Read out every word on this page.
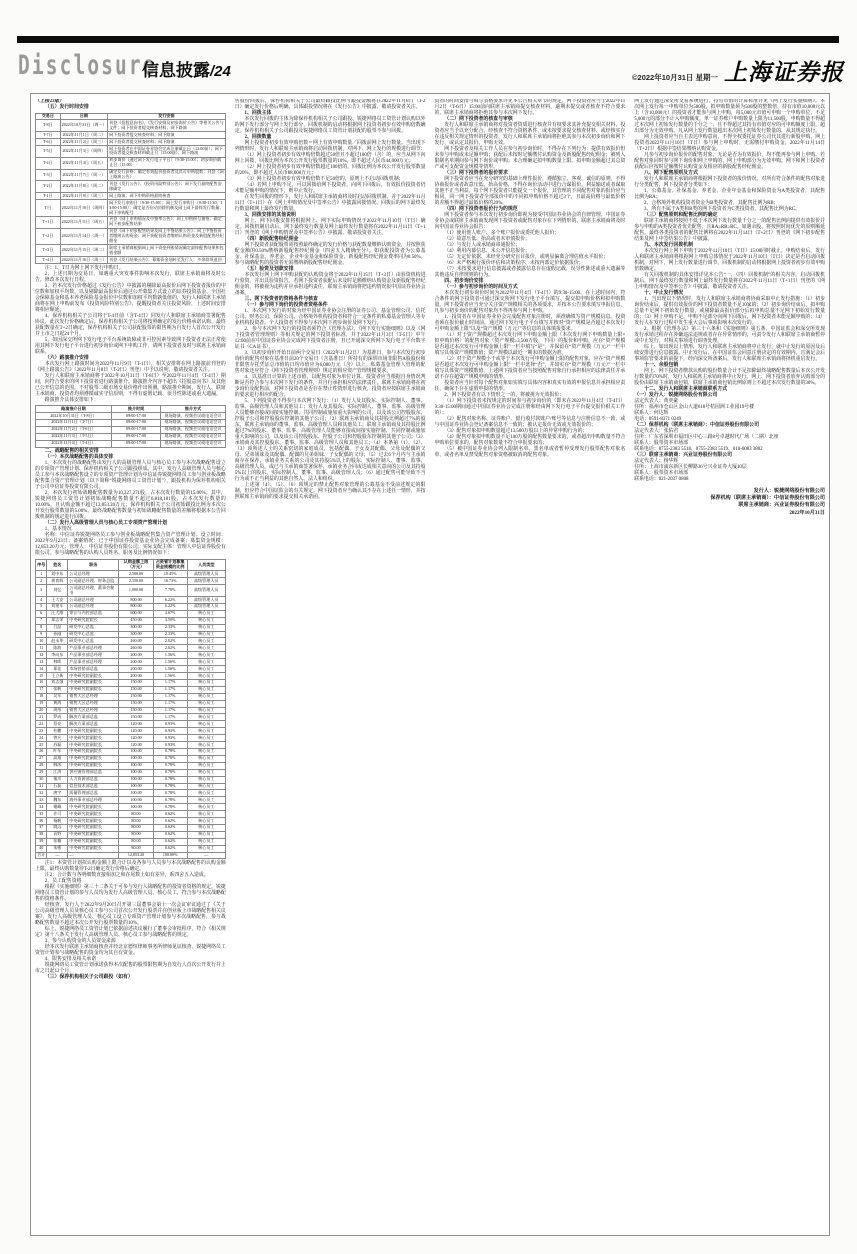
Disclosure
信息披露/24	©2022年10月31日 星期一 上海证券报

（上接23版）

（五）发行时间安排

交易日	日期	发行安排
T-8日	2022年10月31日（周一）	刊登《招股意向书》、《发行安排及初步询价公告》等相关公告与文件；网下投资者提交核查材料；网下路演
T-7日	2022年11月1日（周二）	网下投资者提交核查材料；网下路演
T-6日	2022年11月2日（周三）	网下投资者提交核查材料；网下路演
T-5日	2022年11月3日（周四）	网下投资者在中国证券业协会完成注册截止日（12:00前）；网下投资者提交核查材料截止日（15:00前）；网下路演
T-4日	2022年11月4日（周五）	初步询价（通过网下发行电子平台）（9:30-15:00）；初步询价截止日（15:00）
T-3日	2022年11月7日（周一）	确定发行价格；确定有效报价投资者及其可申购股数；刊登《网上路演公告》
T-2日	2022年11月8日（周二）	刊登《发行公告》、《投资风险特别公告》；网下发行最终配售安排确定
T-1日	2022年11月9日（周三）	网上路演；网下申购资格最终核查
T日	2022年11月10日（周四）	网下发行申购日（9:30-15:00）；网上发行申购日（9:30-11:30，13:00-15:00）；确定是否启动回拨机制及网上网下最终发行数量；网下申购配号
T+1日	2022年11月11日（周五）	刊登《网上申购情况及中签率公告》；网上申购摇号抽签；确定网下初步配售结果
T+2日	2022年11月14日（周一）	刊登《网下初步配售结果及网上中签结果公告》；网上中签投资者缴纳认购资金；网下获配投资者缴纳认购资金及新股配售经纪佣金
T+3日	2022年11月15日（周二）	联席主承销商根据网上网下资金到账情况确定最终配售结果和包销金额
T+4日	2022年11月16日（周三）	刊登《发行结果公告》；募集资金划转至发行人；多余款项退回

注：1、T日为网上网下发行申购日。

2、上述日期为交易日，如遇重大突发事件影响本次发行，联席主承销商将及时公告，修改本次发行日程。

3、若本次发行价格超过《发行公告》中披露的剔除最高报价后网下投资者报价的中位数和加权平均数，以及剔除最高报价后通过公开募集方式设立的证券投资基金、全国社会保障基金和基本养老保险基金报价中位数和加权平均数孰低值的，发行人和联席主承销商将在网上申购前发布《投资风险特别公告》，提醒投资者关注投资风险，上述时间安排将相应顺延。

4、保荐机构相关子公司将于T-4日前（含T-4日）同发行人和联席主承销商签署配售协议，此次发行价格确定后，保荐机构相关子公司将按照确定的发行价格承诺认购，最终获配数量在T+2日确定，保荐机构相关子公司获配股票的限售期为自发行人首次公开发行并上市之日起24个月。

5、如因深交所网下发行电子平台系统故障或非可控因素导致网下投资者无法正常使用其网下发行电子平台进行初步询价或网下申购工作，请网下投资者及时与联席主承销商联系。

（六）路演推介安排

本次发行网上路演时间为2022年11月9日（T-1日），相关安排将在网上路演前刊登的《网上路演公告》（2022年11月8日（T-2日）刊登）中予以说明，敬请投资者关注。

发行人和联席主承销商将于2022年10月31日（T-8日）至2022年11月4日（T-4日）期间，向符合要求的网下投资者进行路演推介。路演推介内容不超出《招股意向书》及其他已公开信息的范围，不对股票二级市场交易价格作出预测。路演推介期间，发行人、联席主承销商、投资者均须遵循诚实守信原则，不得有虚假记载、误导性陈述或重大遗漏。

路演推介具体安排如下：

路演推介日期	推介时间	推介方式
2022年10月31日（T-8日）	09:00-17:00	现场路演、视频会议或电话会议
2022年11月1日（T-7日）	09:00-17:00	现场路演、视频会议或电话会议
2022年11月2日（T-6日）	09:00-17:00	现场路演、视频会议或电话会议
2022年11月3日（T-5日）	09:00-17:00	现场路演、视频会议或电话会议
2022年11月4日（T-4日）	09:00-17:00	现场路演、视频会议或电话会议

二、战略配售的相关安排

（一）本次战略配售的具体安排

1、本次发行的战略配售由发行人的高级管理人员与核心员工参与本次战略配售设立的专项资产管理计划、保荐机构相关子公司跟投组成。其中，发行人高级管理人员与核心员工参与本次战略配售设立的专项资产管理计划为中信证券锐捷网络员工参与创业板战略配售集合资产管理计划（以下简称“锐捷网络员工资管计划”），跟投机构为保荐机构相关子公司中信证券投资有限公司。

2、本次发行初始战略配售数量为10,227,271股，占本次发行数量的15.00%。其中，锐捷网络员工资管计划初始战略配售数量不超过6,818,181股，占本次发行数量的10.00%，且认购金额不超过12,853.20万元；保荐机构相关子公司初始跟投比例为本次公开发行股票数量的5.00%。最终战略配售数量与初始战略配售数量的差额将根据本公告回拨机制的规定进行回拨。

（二）发行人高级管理人员与核心员工专项资产管理计划

1、基本情况

名称：中信证券锐捷网络员工参与创业板战略配售集合资产管理计划；设立时间：2022年9月23日；备案情况：已于中国证券投资基金业协会完成备案；募集资金规模：12,853.20万元；管理人：中信证券股份有限公司；实际支配主体：管理人中信证券股份有限公司。参与战略配售的认购人员姓名、职务及比例情况如下：

序号	姓名	职务	认购金额上限（万元）	占资管计划募集资金规模的比例	人员类型
1	刘中东	公司总经理	2,500.00	19.45%	高级管理人员
2	黄育辉	公司副总经理、财务总监	2,150.00	16.73%	高级管理人员
3	刘弘	公司副总经理、董事会秘书	1,000.00	7.78%	高级管理人员
4	王大安	公司副总经理	800.00	6.22%	高级管理人员
5	刘建军	公司副总经理	800.00	6.22%	高级管理人员
6	汪大维	审计与内控部总监	600.00	4.67%	核心员工
7	郑志荣	中央研究院院长	450.00	3.50%	核心员工
8	吕品	研发中心总监	300.00	2.33%	核心员工
9	孙刚	研发中心总监	300.00	2.33%	核心员工
10	赵永华	研发中心总监	260.00	2.02%	核心员工
11	陈波	产品事业部总经理	260.00	2.02%	核心员工
12	李向东	产品事业部总经理	200.00	1.56%	核心员工
13	林晖	产品事业部总经理	200.00	1.56%	核心员工
14	郑佳	市场营销部总监	200.00	1.56%	核心员工
15	王立新	中央研究院副院长	200.00	1.56%	核心员工
16	刘志强	中央研究院副院长	150.00	1.17%	核心员工
17	张帆	中央研究院副院长	150.00	1.17%	核心员工
18	吴军	销售大区总经理	150.00	1.17%	核心员工
19	黄海	销售大区总经理	150.00	1.17%	核心员工
20	周彤	销售大区总经理	150.00	1.17%	核心员工
21	罗成	解决方案部总监	150.00	1.17%	核心员工
22	蔡亮	解决方案部总监	120.00	0.93%	核心员工
23	杜鹏	中央研究院副院长	120.00	0.93%	核心员工
24	曾凡	中央研究院副院长	120.00	0.93%	核心员工
25	苏磊	中央研究院副院长	120.00	0.93%	核心员工
26	叶军	中央研究院副院长	100.00	0.78%	核心员工
27	高翔	中央研究院副院长	100.00	0.78%	核心员工
28	韩冰	中央研究院副院长	100.00	0.78%	核心员工
29	江涛	供应链管理部总监	100.00	0.78%	核心员工
30	秦川	人力资源部总监	100.00	0.78%	核心员工
31	石磊	信息技术部总监	100.00	0.78%	核心员工
32	唐宇	质量管理部总监	100.00	0.78%	核心员工
33	魏东	海外事业部总经理	100.00	0.78%	核心员工
34	谢峰	中央研究院副院长	100.00	0.78%	核心员工
35	许可	中央研究院副院长	80.00	0.62%	核心员工
36	杨帆	中央研究院副院长	80.00	0.62%	核心员工
37	姚远	中央研究院副院长	80.00	0.62%	核心员工
38	袁野	中央研究院副院长	80.00	0.62%	核心员工
39	张楠	中央研究院副院长	80.00	0.62%	核心员工
40	朱彬	中央研究院副院长	80.00	0.62%	核心员工
合计	—	—	12,853.20	100.00%	—

注1：本资管计划拟认购金额上限合计以及各参与人员参与本次战略配售的认购金额上限，最终认购数量待T-2日确定发行价格后确定。

注2：合计数与各明细数直接相加之和在尾数上如有差异，系四舍五入造成。

2、员工配售资格

根据《实施细则》第三十二条关于可参与发行人战略配售的投资者资格的规定，锐捷网络员工资管计划的参与人员均为发行人高级管理人员、核心员工，符合参与本次战略配售的资格条件。

经核查，发行人于2022年9月20日召开第三届董事会第十一次会议审议通过了《关于公司高级管理人员及核心员工参与公司首次公开发行股票并在创业板上市战略配售相关议案》，发行人高级管理人员、核心员工设立专项资产管理计划参与本次战略配售，参与战略配售数量不超过本次公开发行股票数量的10%。

综上，锐捷网络员工资管计划已依据前述决议履行了董事会审批程序，符合《相关规定》第十八条关于发行人高级管理人员、核心员工参与战略配售的规定。

3、参与认购资金的人员资金来源

经本次发行联席主承销商核查并经北京德恒律师事务所律师见证核查，锐捷网络员工资管计划参与战略配售的资金均为其自有资金。

4、限售安排及相关承诺

锐捷网络员工资管计划承诺获得本次配售的股票限售期为自发行人首次公开发行并上市之日起12个月。

（三）保荐机构相关子公司跟投（如有）

售股份回拨后，保荐机构相关子公司最终跟投比例与跟投金额将在2022年11月8日（T-2日）确定发行价格后明确，具体跟投情况将在《发行公告》中披露，敬请投资者关注。

1、回拨主体

本次发行回拨的主体为除保荐机构相关子公司跟投、锐捷网络员工资管计划认购以外的网下发行部分与网上发行部分，回拨机制的启动将根据网上投资者初步有效申购倍数确定。保荐机构相关子公司跟投及锐捷网络员工资管计划获配的股票不参与回拨。

2、回拨数量

网上投资者初步有效申购倍数＝网上有效申购数量／回拨前网上发行数量。当出现下列情形时，发行人和联席主承销商将启动回拨机制，对网下、网上发行的规模进行调节：

（1）网上投资者初步有效申购倍数超过50倍且不超过100倍（含）的，应当从网下向网上回拨，回拨比例为本次公开发行股票数量的10%，即不超过人民币44,000万元；

（2）网上投资者初步有效申购倍数超过100倍的，回拨比例为本次公开发行股票数量的20%，即不超过人民币88,000万元；

（3）网上投资者初步有效申购倍数不足50倍的，原则上不启动回拨机制；

（4）若网上申购不足，可以回拨给网下投资者，向网下回拨后，有效报价投资者仍未能足额申购的情况下，则中止发行。

在发生回拨的情形下，发行人和联席主承销商将及时启动回拨机制，并于2022年11月11日（T+1日）在《网上申购情况及中签率公告》中披露回拨情况、回拨后的网下最终发行数量和网上最终发行数量。

3、回拨安排的其他说明

网上、网下回拨安排将根据网上、网下实际申购情况于2022年11月10日（T日）确定。回拨机制启动后，网下最终发行数量及网上最终发行数量将在2022年11月11日（T+1日）刊登的《网上申购情况及中签率公告》中披露，敬请投资者关注。

（四）新股配售经纪佣金

网下投资者获配股票需按照最终确定的发行价格与获配数量缴纳认购资金，并按照获配金额的0.50%缴纳新股配售经纪佣金（四舍五入精确至分）。如获配投资者为公募基金、社保基金、养老金、企业年金基金和保险资金，新股配售经纪佣金费率同为0.50%。参与战略配售的投资者无需缴纳新股配售经纪佣金。

（五）验资及划款安排

本次发行网上网下申购获配的认购资金将于2022年11月15日（T+3日）由验资机构进行验资，并出具验资报告。若网下投资者获配后未及时足额缴纳认购资金及新股配售经纪佣金的，将被视为违约并应承担违约责任，联席主承销商将把违约情况报中国证券业协会备案。

三、网下投资者的资格条件与核查

（一）参与网下询价的投资者资格条件

1、本次网下发行的对象为经中国证券业协会注册的证券公司、基金管理公司、信托公司、财务公司、保险公司、合格境外机构投资者和符合一定条件的私募基金管理人等专业机构投资者，个人投资者不得参与本次网下初步询价及网下发行。

2、参与本次网下发行的投资者须符合《管理办法》、《网下发行实施细则》以及《网下投资者管理规则》等相关规定的网下投资者标准，并于2022年11月3日（T-5日）中午12:00前在中国证券业协会完成网下投资者注册，且已开通深交所网下发行电子平台数字证书（CA证书）。

3、以初步询价开始日前两个交易日（2022年11月2日）为基准日，参与本次发行初步询价的配售对象在基准日前20个交易日（含基准日）所持有的深圳市场非限售A股股份和非限售存托凭证总市值的日均市值应为6,000万元（含）以上。私募基金管理人管理的配售对象还应符合《网下投资者管理规则》规定的相应资产管理规模要求。

4、以基准日计算的上述市值，以配售对象为单位计算。投资者应当根据自身情况判断是否符合参与本次网下发行的条件，并自行承担相应的法律责任。联席主承销商将在初步询价及配售前，对网下投资者是否存在禁止性情形进行核查，投资者应按联席主承销商的要求进行相应的配合。

5、下列投资者不得参与本次网下发行：（1）发行人及其股东、实际控制人、董事、监事、高级管理人员和其他员工；发行人及其股东、实际控制人、董事、监事、高级管理人员能够直接或间接实施控制、共同控制或施加重大影响的公司，以及该公司控股股东、控股子公司和控股股东控制的其他子公司；（2）联席主承销商及其持股比例超过7%的股东，联席主承销商的董事、监事、高级管理人员和其他员工；联席主承销商及其持股比例超过7%的股东、董事、监事、高级管理人员能够直接或间接实施控制、共同控制或施加重大影响的公司，以及该公司控股股东、控股子公司和控股股东控制的其他子公司；（3）承销商及其控股股东、董事、监事、高级管理人员和其他员工；（4）本条第（1）、（2）、（3）项所述人士的关系密切的家庭成员，包括配偶、子女及其配偶、父母及配偶的父母、兄弟姐妹及其配偶、配偶的兄弟姐妹、子女配偶的父母；（5）过去6个月内与主承销商存在保荐、承销业务关系的公司及其持股5%以上的股东、实际控制人、董事、监事、高级管理人员，或已与主承销商签署保荐、承销业务合同或达成相关意向的公司及其持股5%以上的股东、实际控制人、董事、监事、高级管理人员；（6）通过配售可能导致不当行为或不正当利益的其他自然人、法人和组织。

上述第（4）、（5）、（6）项规定的禁止配售对象管理的公募基金不受前述规定的限制，但应符合中国证监会的有关规定。网下投资者应当确认其不存在上述任一情形，并按照联席主承销商的要求提交相关承诺函。

资者的时间安排与填写表格要求详见本公告相关章节的规定。网下投资者应当于2022年11月2日（T-6日）15:00前向联席主承销商提交核查材料，逾期未提交或者核查不符合要求的，联席主承销商将拒绝其参与本次网下发行。

（二）网下投资者的核查与审核

发行人和联席主承销商将对投资者资质进行核查并有权要求其补充提交相关材料，投资者应当予以充分配合。经核查不符合资格条件、或未按要求提交核查材料、或经核实存在违反相关规定情形的投资者，发行人和联席主承销商将拒绝其参与本次初步询价和网下发行，或认定其报价、申购无效。

网下投资者及相关工作人员在参与初步询价时，不得存在下列行为：提供有效报价但未参与申购或未足额申购；获配后未按时足额缴付认购资金及新股配售经纪佣金；被列入限制名单期间参与网下询价或申购；未合理确定拟申购数量上限、拟申购金额超过其总资产或可支配资金规模等情形。

（三）网下投资者的报价要求

网下投资者应当在充分研究的基础上理性报价，遵循独立、客观、诚信的原则，不得协商报价或者故意压低、抬高价格，不得在询价活动中进行合谋报价、利益输送或者谋取其他不正当利益。每个网下投资者只能提交一个报价，其管理的不同配售对象的报价应当相同。同一网下投资者全部报价中的不同拟申购价格不超过3个，且最高价格与最低价格的差额不得超过最低价格的20%。

（四）网下投资者报价行为的规范

网下投资者参与本次发行初步询价即视为接受中国证券业协会的自律管理。中国证券业协会或联席主承销商发现网下投资者或配售对象存在下列情形的，联席主承销商将及时向中国证券业协会报告：

（1）使用他人账户、多个账户报价或委托他人报价；

（2）故意压低、抬高或者未审慎报价；

（3）与发行人或承销商串通报价；

（4）利用内幕信息、未公开信息报价；

（5）无定价依据、未经充分研究盲目报价，或明显偏离合理估值水平报价；

（6）未严格履行报价评估和决策程序、未按内部定价依据报价；

（7）未按要求进行信息披露或者披露信息存在虚假记载、误导性陈述或重大遗漏等其他违反自律规则的行为。

四、初步询价安排

（一）参与初步询价的时间及方式

本次发行初步询价时间为2022年11月4日（T-4日）的9:30-15:00。在上述时间内，符合条件的网下投资者可通过深交所网下发行电子平台填写、提交拟申购价格和拟申购数量。网下投资者应当充分关注资产规模相关的各项要求，并按本公告要求填写申报信息，凡参与初步询价的配售对象均不得再参与网上申购。

1、投资者在中国证券业协会完成配售对象注册时，须准确填写资产规模信息。投资者须在报价截止时间前，通过网下发行电子平台填写并核对“资产规模是否超过本次发行可申购金额上限”以及“资产规模（万元）”等信息的具体填报要求。

（1）对于资产规模超过本次发行网下申购金额上限（本次发行网下申购数量上限×拟申购价格）的配售对象（资产规模≥3,500万股，下同）的报价和申购，应在“资产规模是否超过本次发行可申购金额上限”一栏中填写“是”，并保留在“资产规模（万元）”一栏中填写具体资产规模数值；资产规模以最近一期末的数据为准。

（2）对于资产规模小于或等于本次发行可申购金额上限的配售对象，应在“资产规模是否超过本次发行可申购金额上限”一栏中选择“否”，并如实在“资产规模（万元）”一栏中填写具体资产规模数值，上述网下投资者应当按照配售对象自行承担相应的法律责任并承诺不存在超资产规模申购的情形。

投资者应当针对每个配售对象如实填写具体内容和真实有效的申报信息并承担相应责任，确保不存在虚假申报的情形。

2、网下投资者有以下情形之一的，将被视为无效报价：

（1）网下投资者未按规定的时间参与初步询价的（即未在2022年11月4日（T-4日）9:30-15:00期间通过中国证券业协会完成注册和经由网下发行电子平台提交报价相关工作的）；

（2）配售对象名称、证券账户、银行收付款账户/账号等信息与注册信息不一致，或与中国证券业协会登记备案信息不一致的；被认定报价无效或无效报价的；

（3）配售对象拟申购数量超过13,500万股以上的异常申购行为的；

（4）配售对象拟申购数量不足100万股的配售数量要求的，或者超出申购数量不符合申购单位要求的，配售对象数量不符合申报要求的；

（5）被中国证券业协会列入限制名单、黑名单或者暂停受理发行股票配售对象名单，或者名单及禁受配售对象资格被取消的配售对象。

网上发行通过深交所交易系统进行，持有市值的计算标准详见《网上发行实施细则》。本次网上发行每一申购单位为500股，拟申购数量须为500股的整数倍，持有市值10,000元以上（含10,000元）的投资者才能参与网上申购，每5,000元市值可申购一个申购单位，不足5,000元的部分不计入申购额度。单一证券账户申购数量上限为11,500股，申购数量不得超过本次网上初始发行数量的千分之一，且不得超过其持有市值对应的可申购额度上限，超出部分为无效申购。凡从网上发行数量超出本次网上初始发行数量的，从其规定执行。

网上投资者应当自主表达申购意向，不得全权委托证券公司代其进行新股申购。网上投资者2022年11月10日（T日）参与网上申购时，无需缴付申购资金，2022年11月14日（T+2日）根据中签结果缴纳认购资金。

凡参与初步询价报价的配售对象，无论是否为有效报价，均不能再参与网上申购。若配售对象同时参与网下询价和网上申购的，网上申购部分为无效申购。网下和网上投资者获配后应按时足额缴付认购资金及相应的新股配售经纪佣金。

八、网下配售原则及方式

发行人和联席主承销商将根据网下投资者的报价情况，对所有符合条件的配售对象进行分类配售，网下投资者分类如下：

1、公募基金、社保基金、养老金、企业年金基金和保险资金为A类投资者，其配售比例为RA；

2、合格境外机构投资者资金为B类投资者，其配售比例为RB；

3、所有不属于A类和B类的网下投资者为C类投资者，其配售比例为RC。

（三）配售原则和配售比例的确定

联席主承销商将按照不低于本次网下发行数量千分之一的配售比例向提供有效报价并参与申购的A类投资者优先配售，且RA≥RB≥RC。如遇余股，将按照时间优先的原则顺延配售。最终各类投资者的配售比例将在2022年11月14日（T+2日）刊登的《网下初步配售结果及网上中签结果公告》中披露。

九、本次发行回拨机制

本次发行网上网下申购于2022年11月10日（T日）15:00同时截止。申购结束后，发行人和联席主承销商将根据网上申购总体情况于2022年11月10日（T日）决定是否启动回拨机制，对网下、网上发行数量进行调节。回拨机制的启动将根据网上投资者初步有效申购倍数确定。

有关回拨机制的具体安排详见本公告“一、（四）回拨机制”的相关内容。启动回拨机制后，网下最终发行数量和网上最终发行数量将在2022年11月11日（T+1日）刊登的《网上申购情况及中签率公告》中披露，敬请投资者关注。

十、中止发行情况

1、当出现以下情况时，发行人和联席主承销商将协商采取中止发行措施：（1）初步询价结束后，提供有效报价的网下投资者数量不足10家的；（2）初步询价结束后，拟申购总量不足网下初始发行数量，或剔除最高报价部分后拟申购总量不足网下初始发行数量的；（3）网上申购不足，申购不足部分向网下回拨后，网下投资者未能足额申购的；（4）发行人在发行过程中发生重大会后事项影响本次发行的。

2、根据《管理办法》第三十六条和《实施细则》第五条，中国证监会和深交所发现发行承销过程存在涉嫌违法违规或者存在异常情形的，可责令发行人和联席主承销商暂停或中止发行，对相关事项进行调查处理。

综上，如出现以上情形，发行人和联席主承销商将中止发行，就中止发行的原因及后续安排进行信息披露。中止发行后，在中国证监会同意注册决定的有效期内，且满足会后事项监管要求的前提下，经向深交所备案后，发行人和联席主承销商将择机重启发行。

十一、余股包销

网上、网下投资者缴款认购的股份数量合计不足扣除最终战略配售数量后本次公开发行数量的70%时，发行人和联席主承销商将中止发行。网上、网下投资者放弃认购部分的股份由联席主承销商包销，联席主承销商包销比例原则上不超过本次发行数量的30%。

十二、发行人和联席主承销商联系方式

（一）发行人：锐捷网络股份有限公司

法定代表人：黄奕豪

住所：福州市仓山区金山大道618号桔园洲工业园19号楼

联系人：何达辉

电话：0591-8371 0249

（二）保荐机构（联席主承销商）：中信证券股份有限公司

法定代表人：张佑君

住所：广东省深圳市福田区中心三路8号卓越时代广场（二期）北座

联系人：股票资本市场部

联系电话：0755-2383 5518、0755-2383 5519、010-6083 3802

（三）联席主承销商：兴业证券股份有限公司

法定代表人：杨华辉

住所：上海市浦东新区长柳路36号兴业证券大厦10层

联系人：股票资本市场部

联系电话：021-2037 0808

发行人：锐捷网络股份有限公司

保荐机构（联席主承销商）：中信证券股份有限公司

联席主承销商：兴业证券股份有限公司

2022年10月31日
